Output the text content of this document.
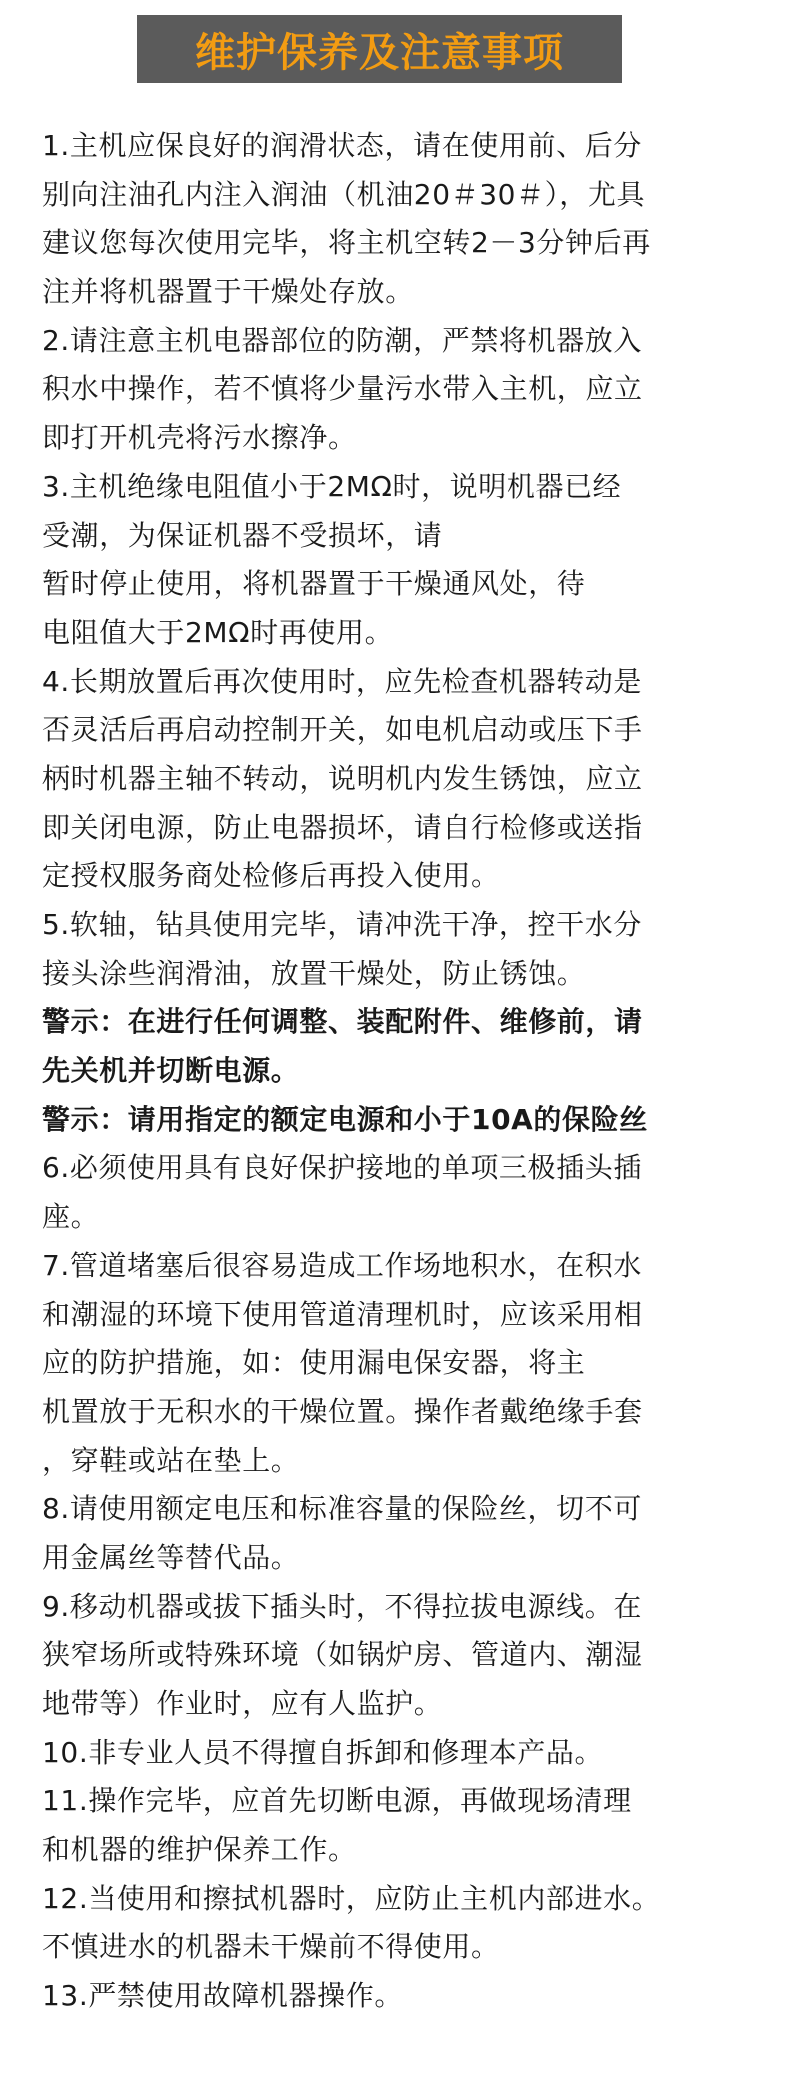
维护保养及注意事项
1.主机应保良好的润滑状态，请在使用前、后分
别向注油孔内注入润油（机油20＃30＃），尤具
建议您每次使用完毕，将主机空转2－3分钟后再
注并将机器置于干燥处存放。
2.请注意主机电器部位的防潮，严禁将机器放入
积水中操作，若不慎将少量污水带入主机，应立
即打开机壳将污水擦净。
3.主机绝缘电阻值小于2MΩ时，说明机器已经
受潮，为保证机器不受损坏，请
暂时停止使用，将机器置于干燥通风处，待
电阻值大于2MΩ时再使用。
4.长期放置后再次使用时，应先检查机器转动是
否灵活后再启动控制开关，如电机启动或压下手
柄时机器主轴不转动，说明机内发生锈蚀，应立
即关闭电源，防止电器损坏，请自行检修或送指
定授权服务商处检修后再投入使用。
5.软轴，钻具使用完毕，请冲洗干净，控干水分
接头涂些润滑油，放置干燥处，防止锈蚀。
警示：在进行任何调整、装配附件、维修前，请
先关机并切断电源。
警示：请用指定的额定电源和小于10A的保险丝
6.必须使用具有良好保护接地的单项三极插头插
座。
7.管道堵塞后很容易造成工作场地积水，在积水
和潮湿的环境下使用管道清理机时，应该采用相
应的防护措施，如：使用漏电保安器，将主
机置放于无积水的干燥位置。操作者戴绝缘手套
，穿鞋或站在垫上。
8.请使用额定电压和标准容量的保险丝，切不可
用金属丝等替代品。
9.移动机器或拔下插头时，不得拉拔电源线。在
狭窄场所或特殊环境（如锅炉房、管道内、潮湿
地带等）作业时，应有人监护。
10.非专业人员不得擅自拆卸和修理本产品。
11.操作完毕，应首先切断电源，再做现场清理
和机器的维护保养工作。
12.当使用和擦拭机器时，应防止主机内部进水。
不慎进水的机器未干燥前不得使用。
13.严禁使用故障机器操作。
